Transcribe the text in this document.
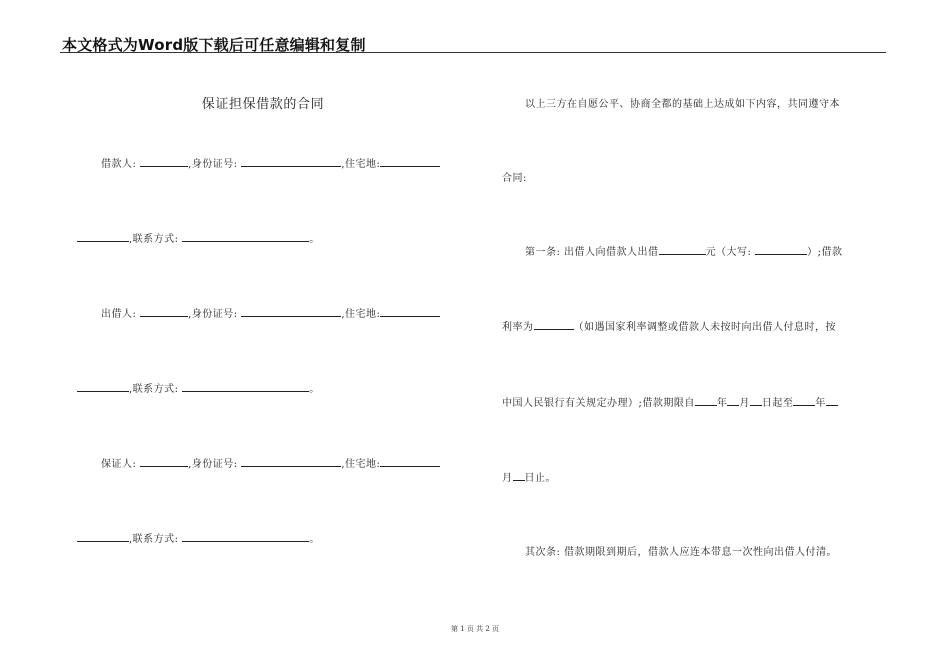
本文格式为Word版下载后可任意编辑和复制
保证担保借款的合同
借款人:	,身份证号:	,住宅地:
,联系方式:	。
出借人:	,身份证号:	,住宅地:
,联系方式:	。
保证人:	,身份证号:	,住宅地:
,联系方式:	。
以上三方在自愿公平、协商全都的基础上达成如下内容，共同遵守本
合同:
第一条: 出借人向借款人出借	元（大写:	）;借款
利率为	（如遇国家利率调整或借款人未按时向出借人付息时，按
中国人民银行有关规定办理）;借款期限自 年 月 日起至 年
月 日止。
其次条: 借款期限到期后，借款人应连本带息一次性向出借人付清。
第 1 页 共 2 页
